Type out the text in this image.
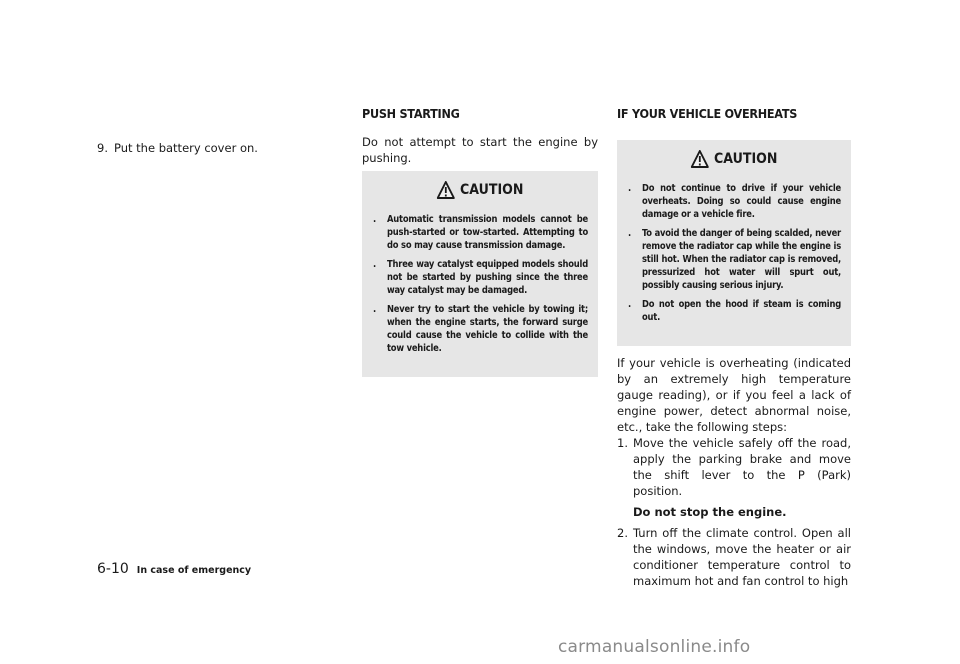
9. Put the battery cover on.
PUSH STARTING
Do not attempt to start the engine by pushing.
CAUTION
. Automatic transmission models cannot be push-started or tow-started. Attempting to do so may cause transmission damage.
. Three way catalyst equipped models should not be started by pushing since the three way catalyst may be damaged.
. Never try to start the vehicle by towing it; when the engine starts, the forward surge could cause the vehicle to collide with the tow vehicle.
IF YOUR VEHICLE OVERHEATS
CAUTION
. Do not continue to drive if your vehicle overheats. Doing so could cause engine damage or a vehicle fire.
. To avoid the danger of being scalded, never remove the radiator cap while the engine is still hot. When the radiator cap is removed, pressurized hot water will spurt out, possibly causing serious injury.
. Do not open the hood if steam is coming out.
If your vehicle is overheating (indicated by an extremely high temperature gauge reading), or if you feel a lack of engine power, detect abnormal noise, etc., take the following steps:
1. Move the vehicle safely off the road, apply the parking brake and move the shift lever to the P (Park) position.
Do not stop the engine.
2. Turn off the climate control. Open all the windows, move the heater or air conditioner temperature control to maximum hot and fan control to high
6-10 In case of emergency
carmanualsonline.info
